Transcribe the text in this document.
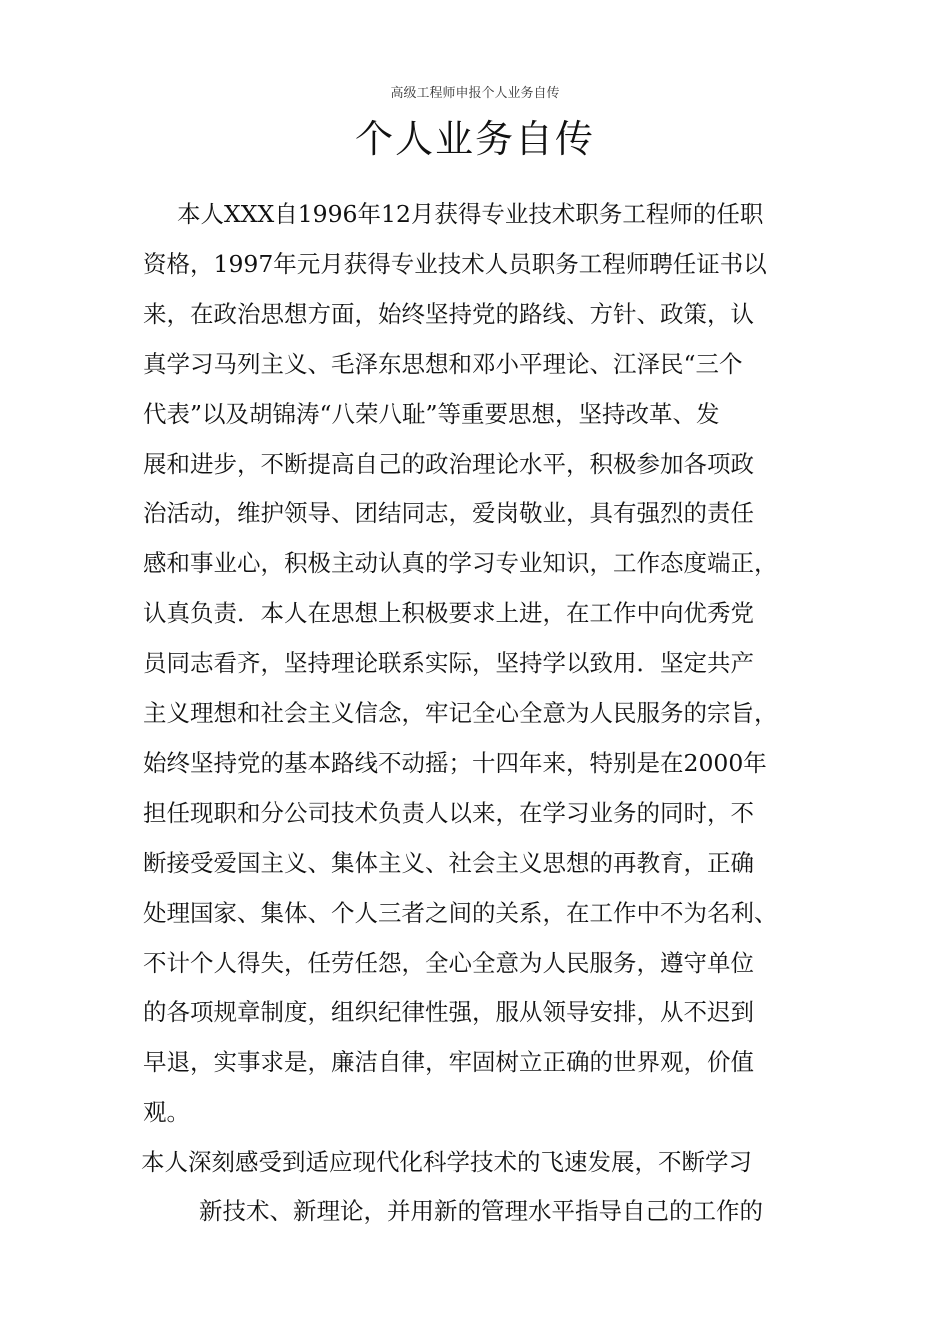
高级工程师申报个人业务自传
个人业务自传
本人XXX自1996年12月获得专业技术职务工程师的任职
资格，1997年元月获得专业技术人员职务工程师聘任证书以
来，在政治思想方面，始终坚持党的路线、方针、政策，认
真学习马列主义、毛泽东思想和邓小平理论、江泽民“三个
代表”以及胡锦涛“八荣八耻”等重要思想，坚持改革、发
展和进步，不断提高自己的政治理论水平，积极参加各项政
治活动，维护领导、团结同志，爱岗敬业，具有强烈的责任
感和事业心，积极主动认真的学习专业知识，工作态度端正，
认真负责．本人在思想上积极要求上进，在工作中向优秀党
员同志看齐，坚持理论联系实际，坚持学以致用．坚定共产
主义理想和社会主义信念，牢记全心全意为人民服务的宗旨，
始终坚持党的基本路线不动摇；十四年来，特别是在2000年
担任现职和分公司技术负责人以来，在学习业务的同时，不
断接受爱国主义、集体主义、社会主义思想的再教育，正确
处理国家、集体、个人三者之间的关系，在工作中不为名利、
不计个人得失，任劳任怨，全心全意为人民服务，遵守单位
的各项规章制度，组织纪律性强，服从领导安排，从不迟到
早退，实事求是，廉洁自律，牢固树立正确的世界观，价值
观。
本人深刻感受到适应现代化科学技术的飞速发展，不断学习
新技术、新理论，并用新的管理水平指导自己的工作的
